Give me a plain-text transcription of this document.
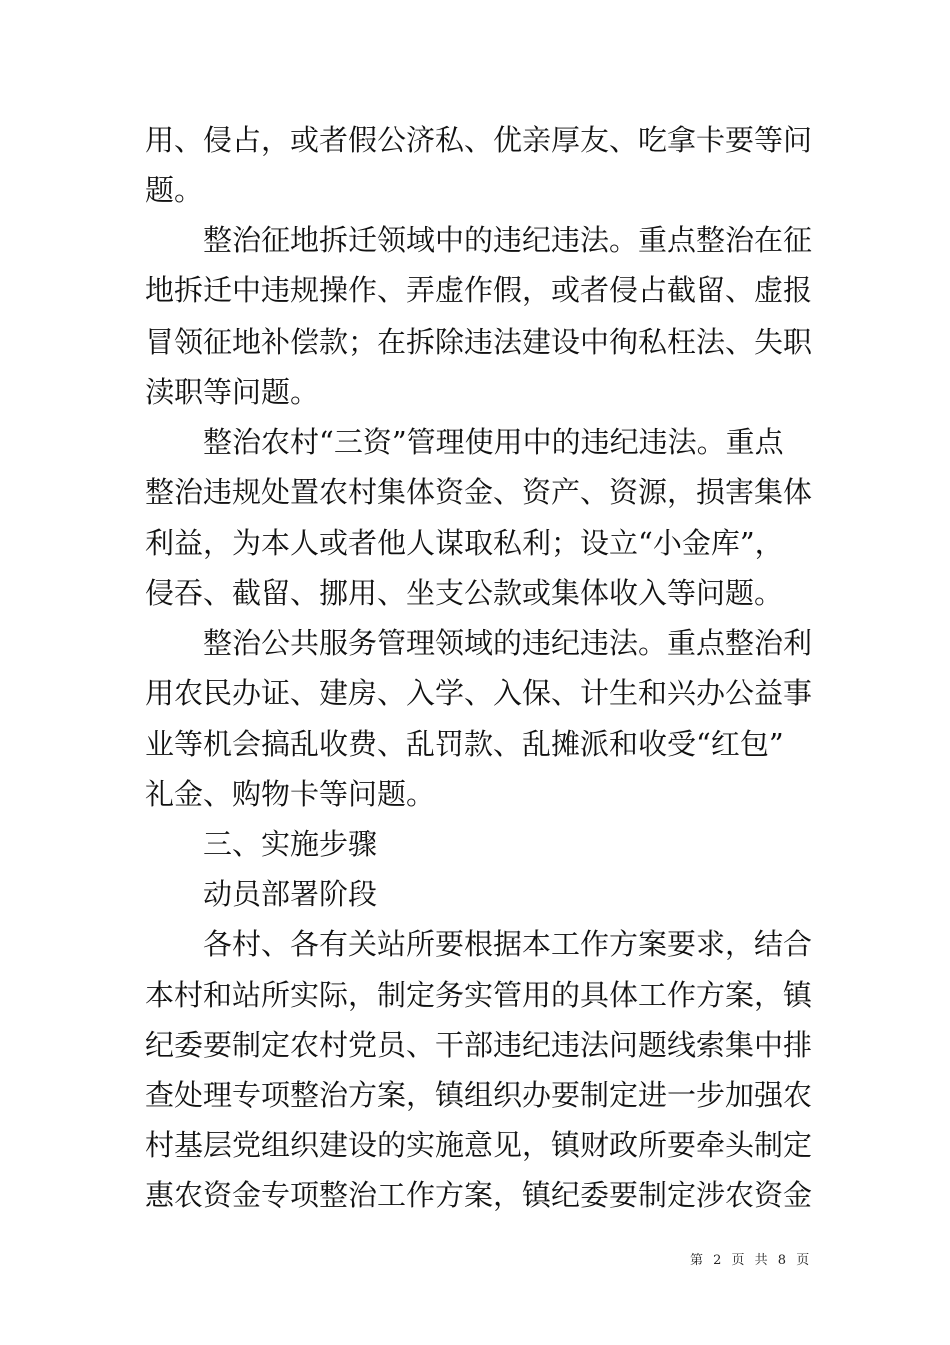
用、侵占，或者假公济私、优亲厚友、吃拿卡要等问
题。
整治征地拆迁领域中的违纪违法。重点整治在征
地拆迁中违规操作、弄虚作假，或者侵占截留、虚报
冒领征地补偿款；在拆除违法建设中徇私枉法、失职
渎职等问题。
整治农村“三资”管理使用中的违纪违法。重点
整治违规处置农村集体资金、资产、资源，损害集体
利益，为本人或者他人谋取私利；设立“小金库”，
侵吞、截留、挪用、坐支公款或集体收入等问题。
整治公共服务管理领域的违纪违法。重点整治利
用农民办证、建房、入学、入保、计生和兴办公益事
业等机会搞乱收费、乱罚款、乱摊派和收受“红包”
礼金、购物卡等问题。
三、实施步骤
动员部署阶段
各村、各有关站所要根据本工作方案要求，结合
本村和站所实际，制定务实管用的具体工作方案，镇
纪委要制定农村党员、干部违纪违法问题线索集中排
查处理专项整治方案，镇组织办要制定进一步加强农
村基层党组织建设的实施意见，镇财政所要牵头制定
惠农资金专项整治工作方案，镇纪委要制定涉农资金
第 2 页 共 8 页
